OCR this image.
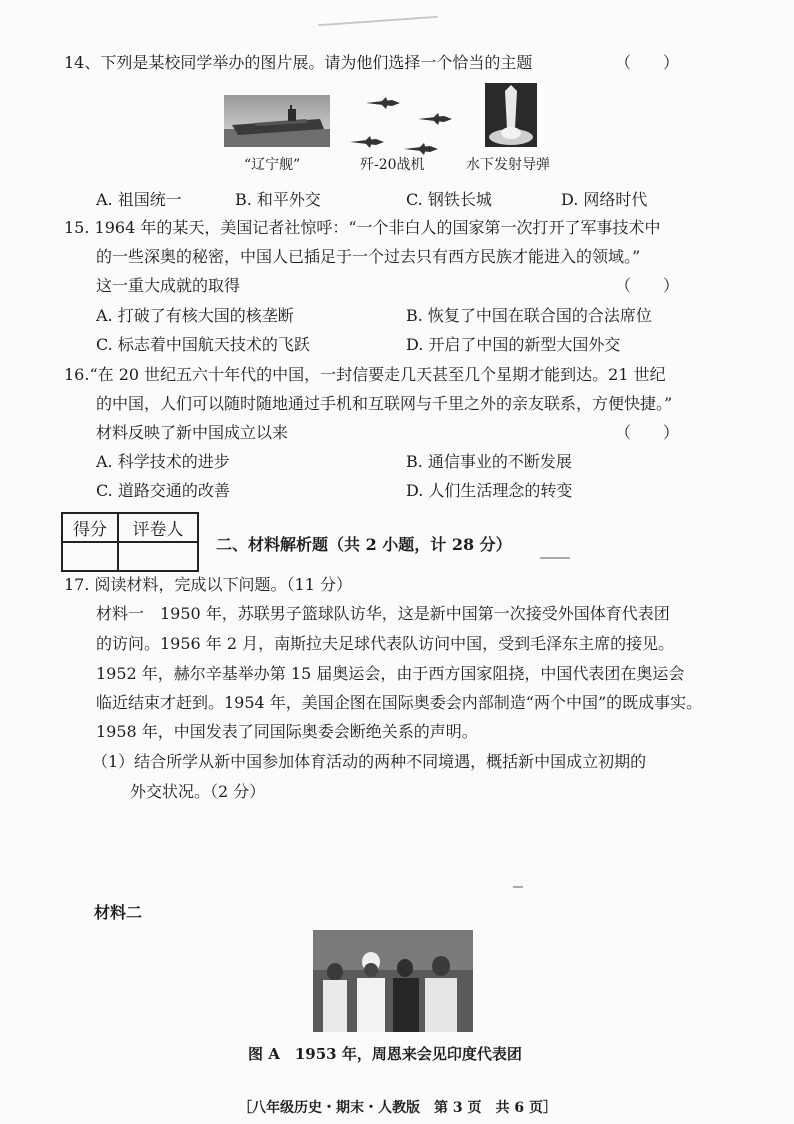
14、下列是某校同学举办的图片展。请为他们选择一个恰当的主题	（　　）
“辽宁舰”	歼-20战机	水下发射导弹
A. 祖国统一	B. 和平外交	C. 钢铁长城	D. 网络时代
15. 1964 年的某天，美国记者社惊呼：“一个非白人的国家第一次打开了军事技术中
的一些深奥的秘密，中国人已插足于一个过去只有西方民族才能进入的领域。”
这一重大成就的取得	（　　）
A. 打破了有核大国的核垄断	B. 恢复了中国在联合国的合法席位
C. 标志着中国航天技术的飞跃	D. 开启了中国的新型大国外交
16.“在 20 世纪五六十年代的中国，一封信要走几天甚至几个星期才能到达。21 世纪
的中国，人们可以随时随地通过手机和互联网与千里之外的亲友联系，方便快捷。”
材料反映了新中国成立以来	（　　）
A. 科学技术的进步	B. 通信事业的不断发展
C. 道路交通的改善	D. 人们生活理念的转变
得分	评卷人

二、材料解析题（共 2 小题，计 28 分）
17. 阅读材料，完成以下问题。（11 分）
材料一　1950 年，苏联男子篮球队访华，这是新中国第一次接受外国体育代表团
的访问。1956 年 2 月，南斯拉夫足球代表队访问中国，受到毛泽东主席的接见。
1952 年，赫尔辛基举办第 15 届奥运会，由于西方国家阻挠，中国代表团在奥运会
临近结束才赶到。1954 年，美国企图在国际奥委会内部制造“两个中国”的既成事实。
1958 年，中国发表了同国际奥委会断绝关系的声明。
（1）结合所学从新中国参加体育活动的两种不同境遇，概括新中国成立初期的
外交状况。（2 分）
材料二
图 A　1953 年，周恩来会见印度代表团
［八年级历史・期末・人教版　第 3 页　共 6 页］
